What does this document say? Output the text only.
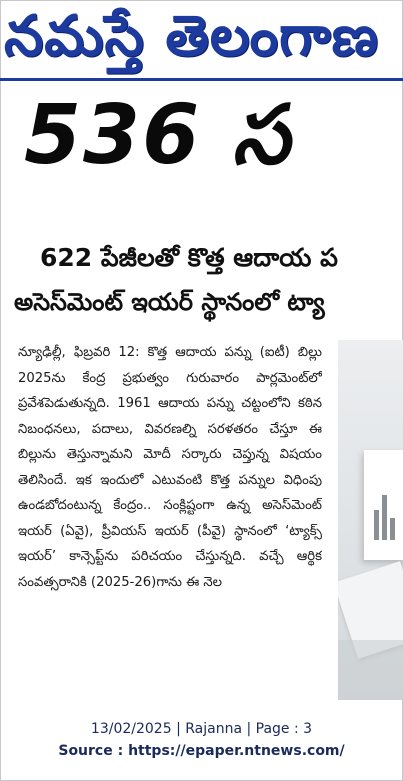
నమస్తే తెలంగాణ
536 స
622 పేజీలతో కొత్త ఆదాయ ప
అసెస్‌మెంట్ ఇయర్ స్థానంలో ట్యా
న్యూఢిల్లీ, ఫిబ్రవరి 12: కొత్త ఆదాయ పన్ను (ఐటీ) బిల్లు 2025ను కేంద్ర ప్రభుత్వం గురువారం పార్లమెంట్‌లో ప్రవేశపెడుతున్నది. 1961 ఆదాయ పన్ను చట్టంలోని కఠిన నిబంధనలు, పదాలు, వివరణల్ని సరళతరం చేస్తూ ఈ బిల్లును తెస్తున్నామని మోదీ సర్కారు చెప్తున్న విషయం తెలిసిందే. ఇక ఇందులో ఎటువంటి కొత్త పన్నుల విధింపు ఉండబోదంటున్న కేంద్రం.. సంక్లిష్టంగా ఉన్న అసెస్‌మెంట్ ఇయర్ (ఏవై), ప్రీవియస్ ఇయర్ (పీవై) స్థానంలో ‘ట్యాక్స్ ఇయర్’ కాన్సెప్ట్‌ను పరిచయం చేస్తున్నది. వచ్చే ఆర్థిక సంవత్సరానికి (2025-26)గాను ఈ నెల
13/02/2025 | Rajanna | Page : 3
Source : https://epaper.ntnews.com/
